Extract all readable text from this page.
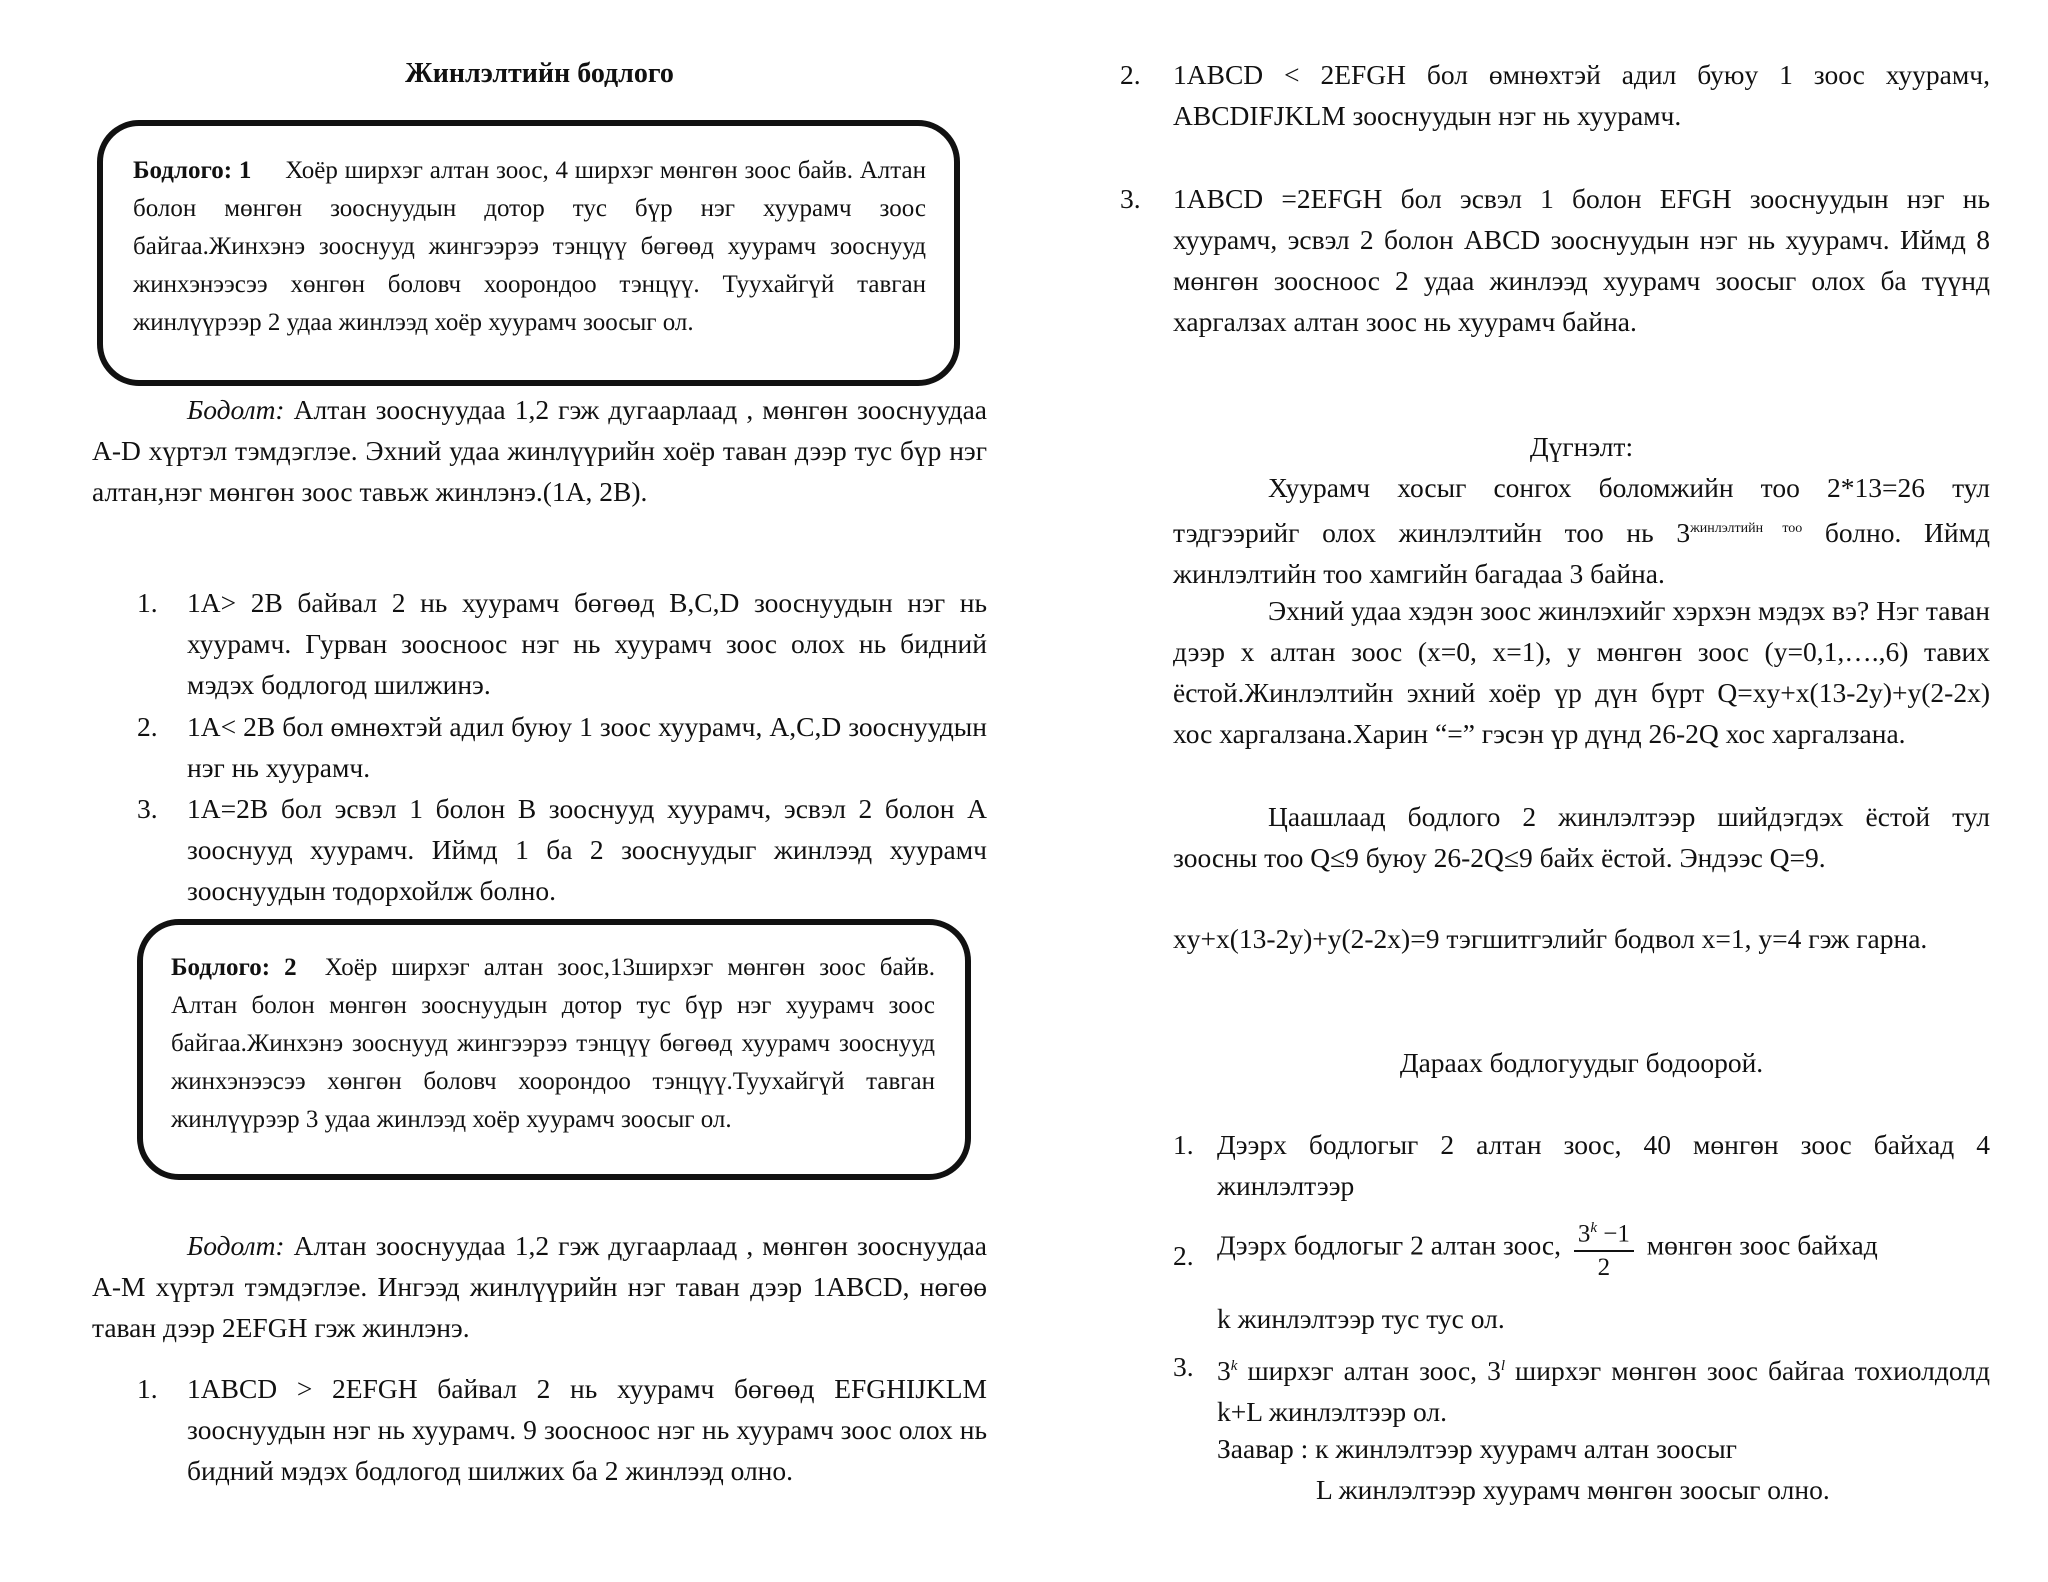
Жинлэлтийн бодлого
Бодлого: 1 Хоёр ширхэг алтан зоос, 4 ширхэг мөнгөн зоос байв. Алтан болон мөнгөн зооснуудын дотор тус бүр нэг хуурамч зоос байгаа.Жинхэнэ зооснууд жингээрээ тэнцүү бөгөөд хуурамч зооснууд жинхэнээсээ хөнгөн боловч хоорондоо тэнцүү. Туухайгүй тавган жинлүүрээр 2 удаа жинлээд хоёр хуурамч зоосыг ол.
Бодолт: Алтан зооснуудаа 1,2 гэж дугаарлаад , мөнгөн зооснуудаа A-D хүртэл тэмдэглэе. Эхний удаа жинлүүрийн хоёр таван дээр тус бүр нэг алтан,нэг мөнгөн зоос тавьж жинлэнэ.(1A, 2B).
1. 1A> 2B байвал 2 нь хуурамч бөгөөд B,C,D зооснуудын нэг нь хуурамч. Гурван зооснoос нэг нь хуурамч зоос олох нь бидний мэдэх бодлогод шилжинэ.
2. 1A< 2B бол өмнөхтэй адил буюу 1 зоос хуурамч, A,C,D зооснуудын нэг нь хуурамч.
3. 1A=2B бол эсвэл 1 болон B зооснууд хуурамч, эсвэл 2 болон A зооснууд хуурамч. Иймд 1 ба 2 зооснуудыг жинлээд хуурамч зооснуудын тодорхойлж болно.
Бодлого: 2 Хоёр ширхэг алтан зоос,13ширхэг мөнгөн зоос байв. Алтан болон мөнгөн зооснуудын дотор тус бүр нэг хуурамч зоос байгаа.Жинхэнэ зооснууд жингээрээ тэнцүү бөгөөд хуурамч зооснууд жинхэнээсээ хөнгөн боловч хоорондоо тэнцүү.Туухайгүй тавган жинлүүрээр 3 удаа жинлээд хоёр хуурамч зоосыг ол.
Бодолт: Алтан зооснуудаа 1,2 гэж дугаарлаад , мөнгөн зооснуудаа A-M хүртэл тэмдэглэе. Ингээд жинлүүрийн нэг таван дээр 1ABCD, нөгөө таван дээр 2EFGH гэж жинлэнэ.
1. 1ABCD > 2EFGH байвал 2 нь хуурамч бөгөөд EFGHIJKLM зооснуудын нэг нь хуурамч. 9 зооснoос нэг нь хуурамч зоос олох нь бидний мэдэх бодлогод шилжих ба 2 жинлээд олно.
2. 1ABCD < 2EFGH бол өмнөхтэй адил буюу 1 зоос хуурамч, ABCDIFJKLM зооснуудын нэг нь хуурамч.
3. 1ABCD =2EFGH бол эсвэл 1 болон EFGH зооснуудын нэг нь хуурамч, эсвэл 2 болон ABCD зооснуудын нэг нь хуурамч. Иймд 8 мөнгөн зооснoос 2 удаа жинлээд хуурамч зоосыг олох ба түүнд харгалзах алтан зоос нь хуурамч байна.
Дүгнэлт:
Хуурамч хосыг сонгох боломжийн тоо 2*13=26 тул тэдгээрийг олох жинлэлтийн тоо нь $3^{жинлэлтийн тоо}$ болно. Иймд жинлэлтийн тоо хамгийн багадаа 3 байна.
Эхний удаа хэдэн зоос жинлэхийг хэрхэн мэдэх вэ? Нэг таван дээр x алтан зоос (x=0, x=1), y мөнгөн зоос (y=0,1,….,6) тавих ёстой.Жинлэлтийн эхний хоёр үр дүн бүрт Q=xy+x(13-2y)+y(2-2x) хос харгалзана.Харин “=” гэсэн үр дүнд 26-2Q хос харгалзана.
Цаашлаад бодлого 2 жинлэлтээр шийдэгдэх ёстой тул зоосны тоо Q≤9 буюу 26-2Q≤9 байх ёстой. Эндээс Q=9.
xy+x(13-2y)+y(2-2x)=9 тэгшитгэлийг бодвол x=1, y=4 гэж гарна.
Дараах бодлогуудыг бодоорой.
1. Дээрх бодлогыг 2 алтан зоос, 40 мөнгөн зоос байхад 4 жинлэлтээр
2. Дээрх бодлогыг 2 алтан зоос, $\frac{3^k -1}{2}$ мөнгөн зоос байхад
k жинлэлтээр тус тус ол.
3. 3$^k$ ширхэг алтан зоос, 3$^l$ ширхэг мөнгөн зоос байгаа тохиолдолд k+L жинлэлтээр ол.
Заавар : к жинлэлтээр хуурамч алтан зоосыг
L жинлэлтээр хуурамч мөнгөн зоосыг олно.
